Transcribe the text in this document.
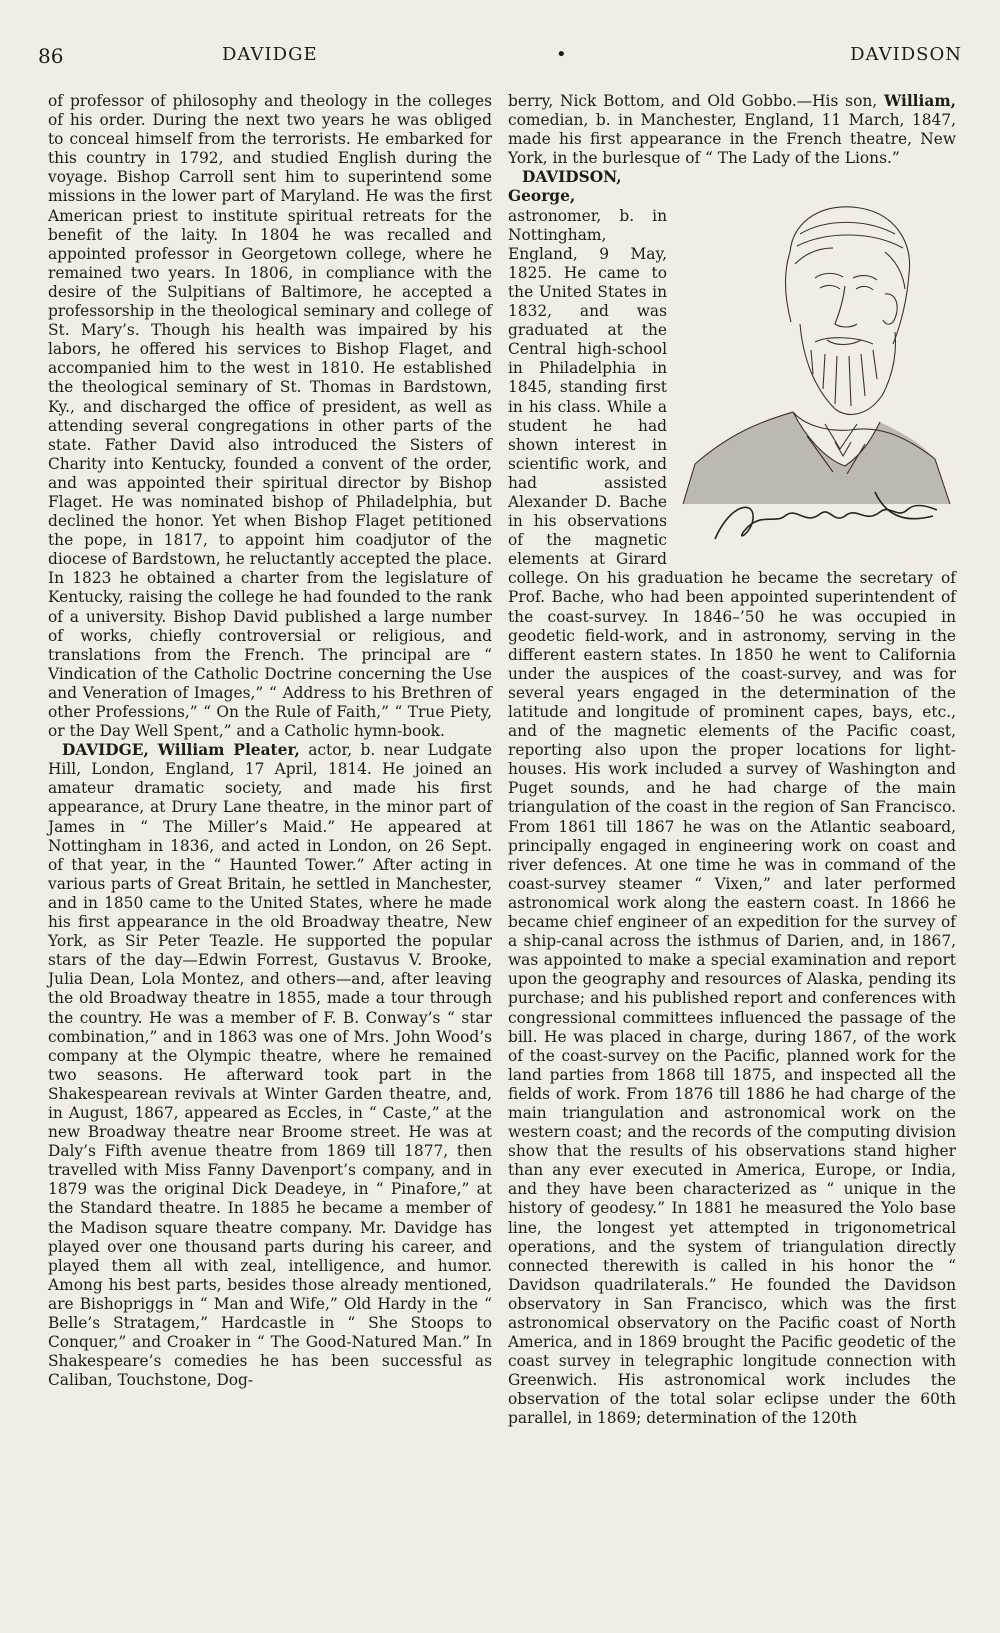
86	DAVIDGE	•	DAVIDSON

of professor of philosophy and theology in the colleges of his order. During the next two years he was obliged to conceal himself from the terrorists. He embarked for this country in 1792, and studied English during the voyage. Bishop Carroll sent him to superintend some missions in the lower part of Maryland. He was the first American priest to institute spiritual retreats for the benefit of the laity. In 1804 he was recalled and appointed professor in Georgetown college, where he remained two years. In 1806, in compliance with the desire of the Sulpitians of Baltimore, he accepted a professorship in the theological seminary and college of St. Mary’s. Though his health was impaired by his labors, he offered his services to Bishop Flaget, and accompanied him to the west in 1810. He established the theological seminary of St. Thomas in Bardstown, Ky., and discharged the office of president, as well as attending several congregations in other parts of the state. Father David also introduced the Sisters of Charity into Kentucky, founded a convent of the order, and was appointed their spiritual director by Bishop Flaget. He was nominated bishop of Philadelphia, but declined the honor. Yet when Bishop Flaget petitioned the pope, in 1817, to appoint him coadjutor of the diocese of Bardstown, he reluctantly accepted the place. In 1823 he obtained a charter from the legislature of Kentucky, raising the college he had founded to the rank of a university. Bishop David published a large number of works, chiefly controversial or religious, and translations from the French. The principal are “ Vindication of the Catholic Doctrine concerning the Use and Veneration of Images,” “ Address to his Brethren of other Professions,” “ On the Rule of Faith,” “ True Piety, or the Day Well Spent,” and a Catholic hymn-book.

DAVIDGE, William Pleater, actor, b. near Ludgate Hill, London, England, 17 April, 1814. He joined an amateur dramatic society, and made his first appearance, at Drury Lane theatre, in the minor part of James in “ The Miller’s Maid.” He appeared at Nottingham in 1836, and acted in London, on 26 Sept. of that year, in the “ Haunted Tower.” After acting in various parts of Great Britain, he settled in Manchester, and in 1850 came to the United States, where he made his first appearance in the old Broadway theatre, New York, as Sir Peter Teazle. He supported the popular stars of the day—Edwin Forrest, Gustavus V. Brooke, Julia Dean, Lola Montez, and others—and, after leaving the old Broadway theatre in 1855, made a tour through the country. He was a member of F. B. Conway’s “ star combination,” and in 1863 was one of Mrs. John Wood’s company at the Olympic theatre, where he remained two seasons. He afterward took part in the Shakespearean revivals at Winter Garden theatre, and, in August, 1867, appeared as Eccles, in “ Caste,” at the new Broadway theatre near Broome street. He was at Daly’s Fifth avenue theatre from 1869 till 1877, then travelled with Miss Fanny Davenport’s company, and in 1879 was the original Dick Deadeye, in “ Pinafore,” at the Standard theatre. In 1885 he became a member of the Madison square theatre company. Mr. Davidge has played over one thousand parts during his career, and played them all with zeal, intelligence, and humor. Among his best parts, besides those already mentioned, are Bishopriggs in “ Man and Wife,” Old Hardy in the “ Belle’s Stratagem,” Hardcastle in “ She Stoops to Conquer,” and Croaker in “ The Good-Natured Man.” In Shakespeare’s comedies he has been successful as Caliban, Touchstone, Dog-

berry, Nick Bottom, and Old Gobbo.—His son, William, comedian, b. in Manchester, England, 11 March, 1847, made his first appearance in the French theatre, New York, in the burlesque of “ The Lady of the Lions.”

DAVIDSON, George, astronomer, b. in Nottingham, England, 9 May, 1825. He came to the United States in 1832, and was graduated at the Central high-school in Philadelphia in 1845, standing first in his class. While a student he had shown interest in scientific work, and had assisted Alexander D. Bache in his observations of the magnetic elements at Girard college. On his graduation he became the secretary of Prof. Bache, who had been appointed superintendent of the coast-survey. In 1846–’50 he was occupied in geodetic field-work, and in astronomy, serving in the different eastern states. In 1850 he went to California under the auspices of the coast-survey, and was for several years engaged in the determination of the latitude and longitude of prominent capes, bays, etc., and of the magnetic elements of the Pacific coast, reporting also upon the proper locations for light-houses. His work included a survey of Washington and Puget sounds, and he had charge of the main triangulation of the coast in the region of San Francisco. From 1861 till 1867 he was on the Atlantic seaboard, principally engaged in engineering work on coast and river defences. At one time he was in command of the coast-survey steamer “ Vixen,” and later performed astronomical work along the eastern coast. In 1866 he became chief engineer of an expedition for the survey of a ship-canal across the isthmus of Darien, and, in 1867, was appointed to make a special examination and report upon the geography and resources of Alaska, pending its purchase; and his published report and conferences with congressional committees influenced the passage of the bill. He was placed in charge, during 1867, of the work of the coast-survey on the Pacific, planned work for the land parties from 1868 till 1875, and inspected all the fields of work. From 1876 till 1886 he had charge of the main triangulation and astronomical work on the western coast; and the records of the computing division show that the results of his observations stand higher than any ever executed in America, Europe, or India, and they have been characterized as “ unique in the history of geodesy.” In 1881 he measured the Yolo base line, the longest yet attempted in trigonometrical operations, and the system of triangulation directly connected therewith is called in his honor the “ Davidson quadrilaterals.” He founded the Davidson observatory in San Francisco, which was the first astronomical observatory on the Pacific coast of North America, and in 1869 brought the Pacific geodetic of the coast survey in telegraphic longitude connection with Greenwich. His astronomical work includes the observation of the total solar eclipse under the 60th parallel, in 1869; determination of the 120th
